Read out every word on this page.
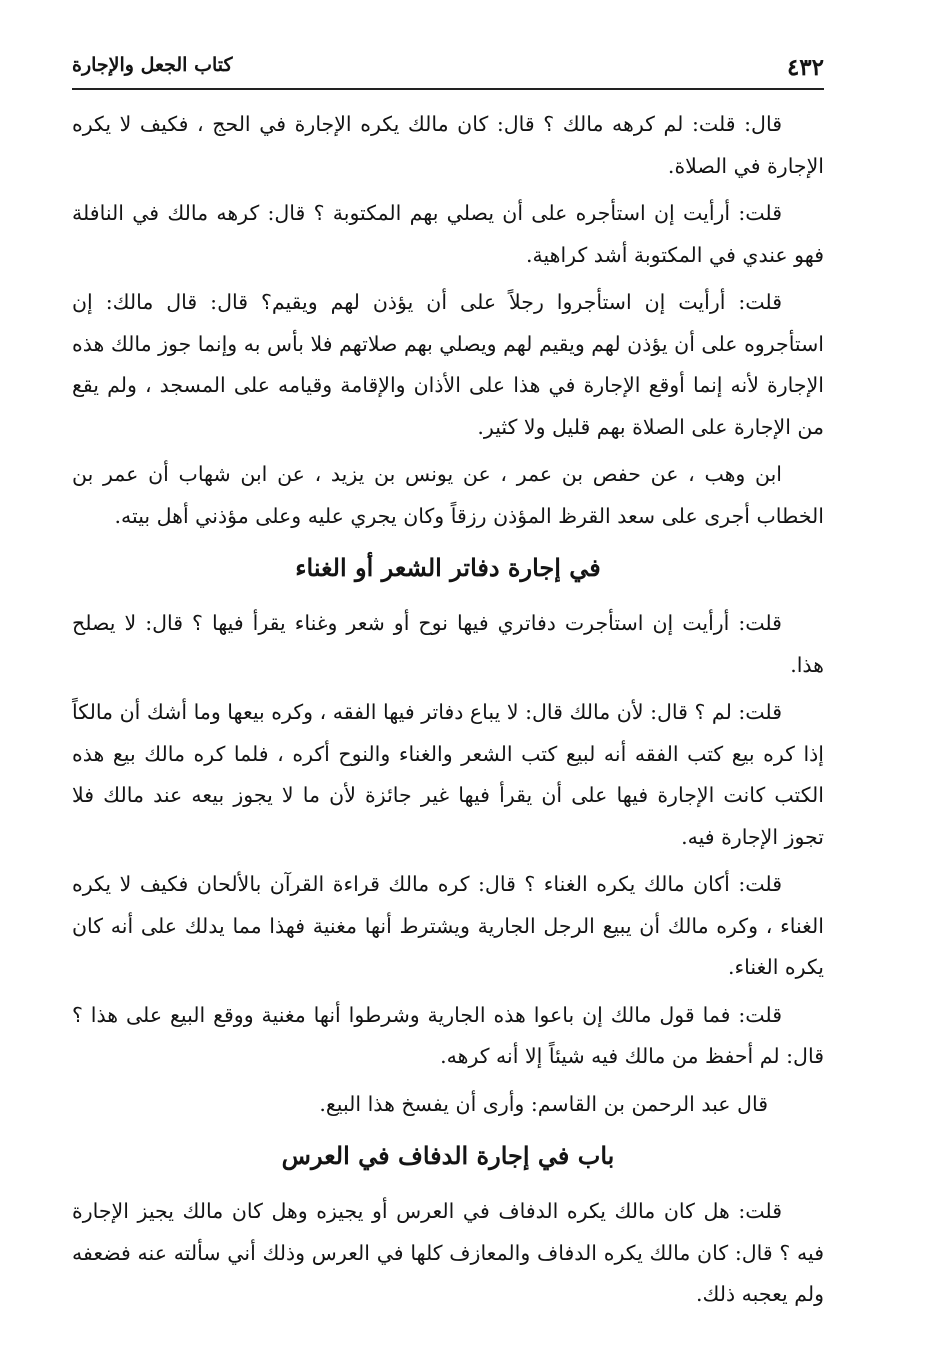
٤٣٢
كتاب الجعل والإجارة

قال: قلت: لم كرهه مالك ؟ قال: كان مالك يكره الإجارة في الحج ، فكيف لا يكره الإجارة في الصلاة.

قلت: أرأيت إن استأجره على أن يصلي بهم المكتوبة ؟ قال: كرهه مالك في النافلة فهو عندي في المكتوبة أشد كراهية.

قلت: أرأيت إن استأجروا رجلاً على أن يؤذن لهم ويقيم؟ قال: قال مالك: إن استأجروه على أن يؤذن لهم ويقيم لهم ويصلي بهم صلاتهم فلا بأس به وإنما جوز مالك هذه الإجارة لأنه إنما أوقع الإجارة في هذا على الأذان والإقامة وقيامه على المسجد ، ولم يقع من الإجارة على الصلاة بهم قليل ولا كثير.

ابن وهب ، عن حفص بن عمر ، عن يونس بن يزيد ، عن ابن شهاب أن عمر بن الخطاب أجرى على سعد القرظ المؤذن رزقاً وكان يجري عليه وعلى مؤذني أهل بيته.

في إجارة دفاتر الشعر أو الغناء

قلت: أرأيت إن استأجرت دفاتري فيها نوح أو شعر وغناء يقرأ فيها ؟ قال: لا يصلح هذا.

قلت: لم ؟ قال: لأن مالك قال: لا يباع دفاتر فيها الفقه ، وكره بيعها وما أشك أن مالكاً إذا كره بيع كتب الفقه أنه لبيع كتب الشعر والغناء والنوح أكره ، فلما كره مالك بيع هذه الكتب كانت الإجارة فيها على أن يقرأ فيها غير جائزة لأن ما لا يجوز بيعه عند مالك فلا تجوز الإجارة فيه.

قلت: أكان مالك يكره الغناء ؟ قال: كره مالك قراءة القرآن بالألحان فكيف لا يكره الغناء ، وكره مالك أن يبيع الرجل الجارية ويشترط أنها مغنية فهذا مما يدلك على أنه كان يكره الغناء.

قلت: فما قول مالك إن باعوا هذه الجارية وشرطوا أنها مغنية ووقع البيع على هذا ؟ قال: لم أحفظ من مالك فيه شيئاً إلا أنه كرهه.

قال عبد الرحمن بن القاسم: وأرى أن يفسخ هذا البيع.

باب في إجارة الدفاف في العرس

قلت: هل كان مالك يكره الدفاف في العرس أو يجيزه وهل كان مالك يجيز الإجارة فيه ؟ قال: كان مالك يكره الدفاف والمعازف كلها في العرس وذلك أني سألته عنه فضعفه ولم يعجبه ذلك.
